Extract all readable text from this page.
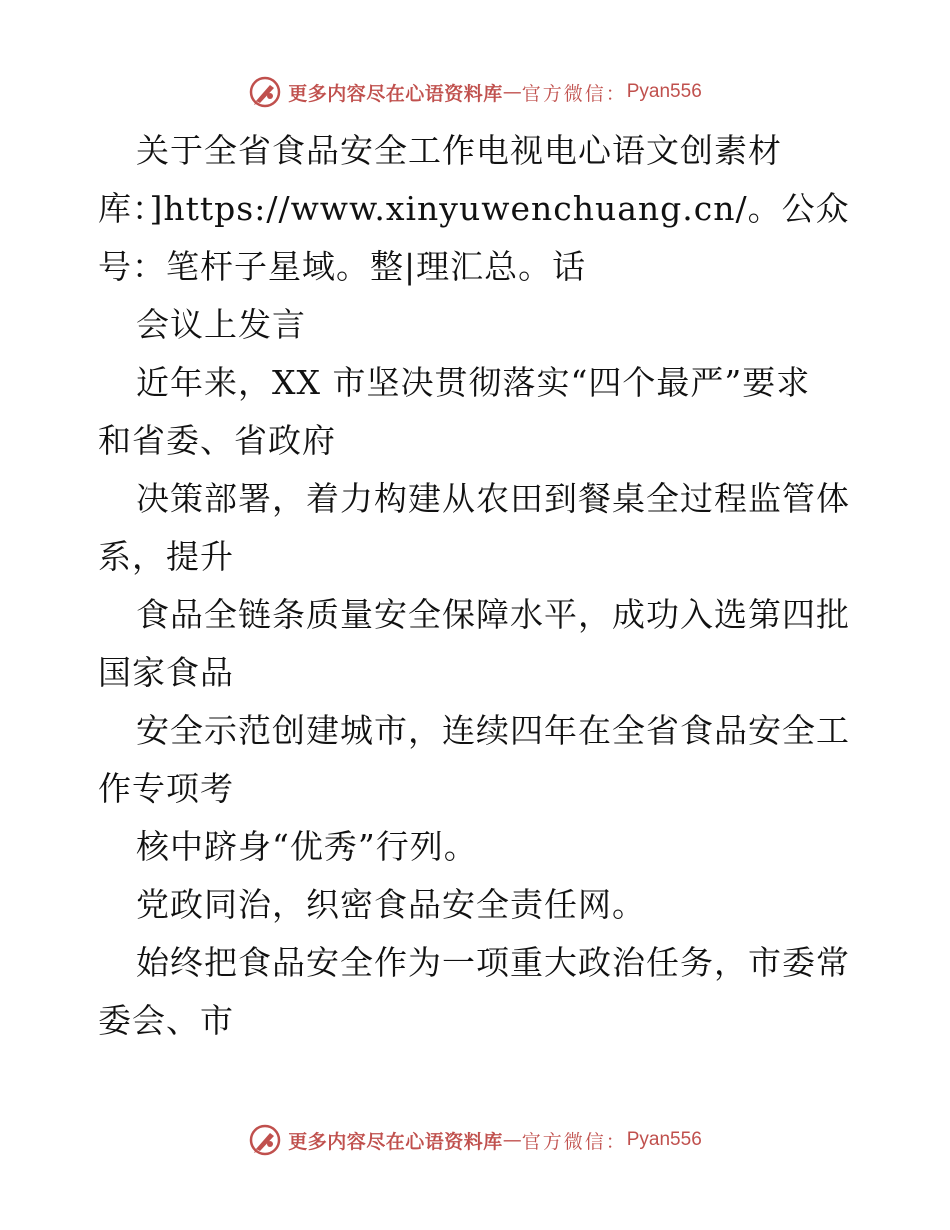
更多内容尽在心语资料库 — 官方微信： Pyan556
关于全省食品安全工作电视电心语文创素材
库：]https://www.xinyuwenchuang.cn/。公众
号：笔杆子星域。整|理汇总。话
会议上发言
近年来，XX 市坚决贯彻落实“四个最严”要求
和省委、省政府
决策部署，着力构建从农田到餐桌全过程监管体
系，提升
食品全链条质量安全保障水平，成功入选第四批
国家食品
安全示范创建城市，连续四年在全省食品安全工
作专项考
核中跻身“优秀”行列。
党政同治，织密食品安全责任网。
始终把食品安全作为一项重大政治任务，市委常
委会、市
更多内容尽在心语资料库 — 官方微信： Pyan556
